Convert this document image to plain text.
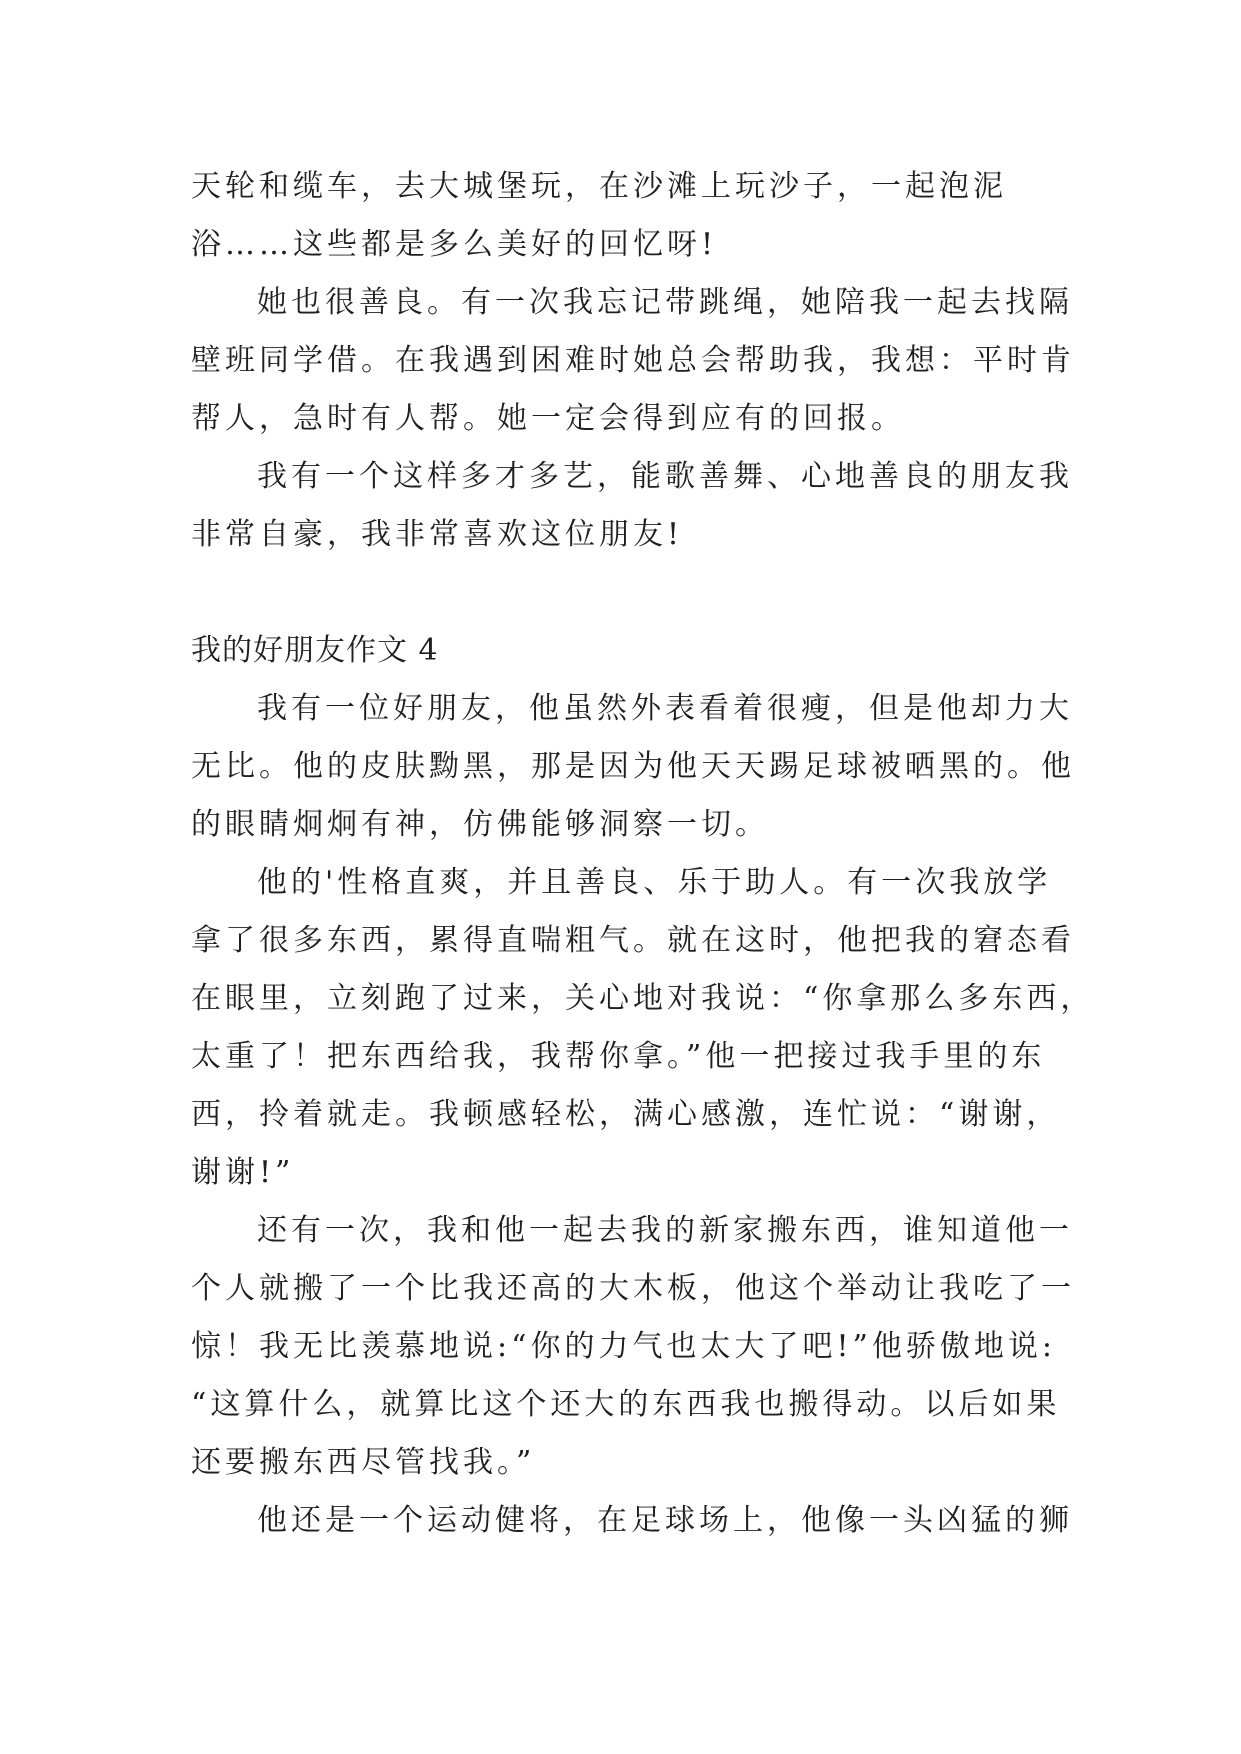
天轮和缆车，去大城堡玩，在沙滩上玩沙子，一起泡泥
浴……这些都是多么美好的回忆呀!
她也很善良。有一次我忘记带跳绳，她陪我一起去找隔
壁班同学借。在我遇到困难时她总会帮助我，我想：平时肯
帮人，急时有人帮。她一定会得到应有的回报。
我有一个这样多才多艺，能歌善舞、心地善良的朋友我
非常自豪，我非常喜欢这位朋友!
我的好朋友作文 4
我有一位好朋友，他虽然外表看着很瘦，但是他却力大
无比。他的皮肤黝黑，那是因为他天天踢足球被晒黑的。他
的眼睛炯炯有神，仿佛能够洞察一切。
他的'性格直爽，并且善良、乐于助人。有一次我放学
拿了很多东西，累得直喘粗气。就在这时，他把我的窘态看
在眼里，立刻跑了过来，关心地对我说：“你拿那么多东西，
太重了！把东西给我，我帮你拿。”他一把接过我手里的东
西，拎着就走。我顿感轻松，满心感激，连忙说：“谢谢，
谢谢!”
还有一次，我和他一起去我的新家搬东西，谁知道他一
个人就搬了一个比我还高的大木板，他这个举动让我吃了一
惊！我无比羡慕地说:“你的力气也太大了吧!”他骄傲地说:
“这算什么，就算比这个还大的东西我也搬得动。以后如果
还要搬东西尽管找我。”
他还是一个运动健将，在足球场上，他像一头凶猛的狮
